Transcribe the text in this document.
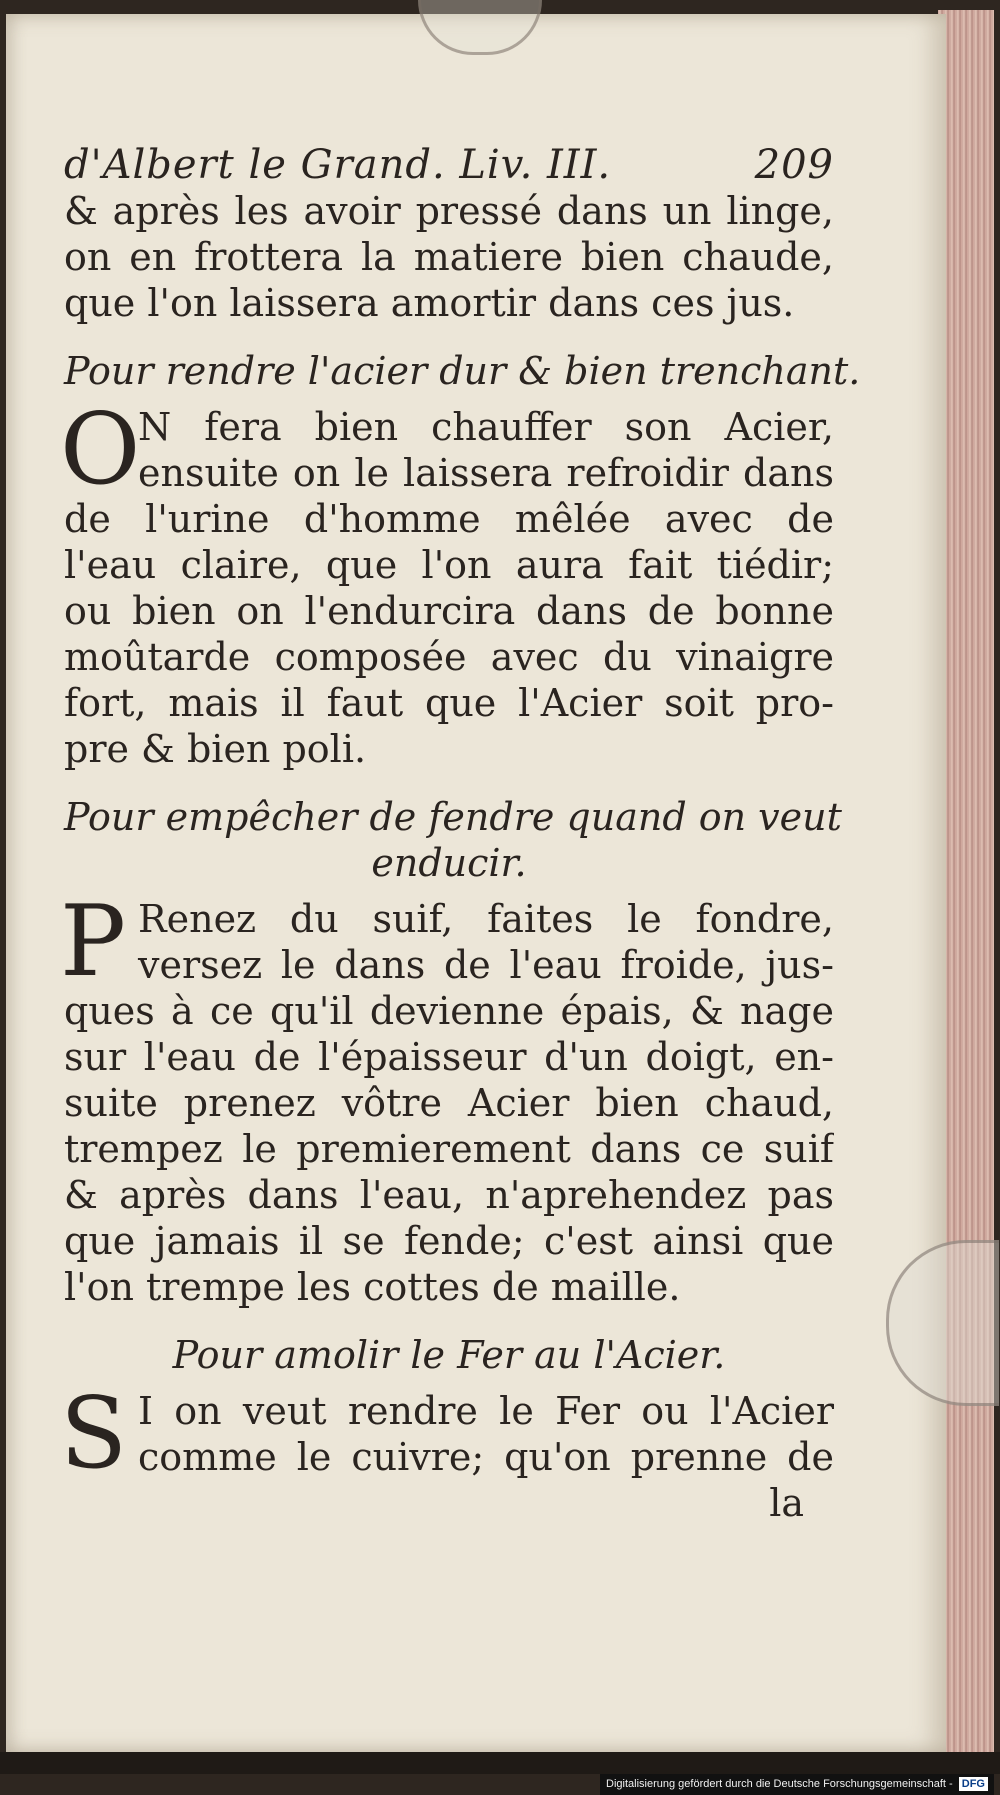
d'Albert le Grand. Liv. III.	209
& après les avoir pressé dans un linge,
on en frottera la matiere bien chaude,
que l'on laissera amortir dans ces jus.
Pour rendre l'acier dur & bien trenchant.
O
N fera bien chauffer son Acier,
ensuite on le laissera refroidir dans
de l'urine d'homme mêlée avec de
l'eau claire, que l'on aura fait tiédir;
ou bien on l'endurcira dans de bonne
moûtarde composée avec du vinaigre
fort, mais il faut que l'Acier soit pro-
pre & bien poli.
Pour empêcher de fendre quand on veut
enducir.
P Renez du suif, faites le fondre,
versez le dans de l'eau froide, jus-
ques à ce qu'il devienne épais, & nage
sur l'eau de l'épaisseur d'un doigt, en-
suite prenez vôtre Acier bien chaud,
trempez le premierement dans ce suif
& après dans l'eau, n'aprehendez pas
que jamais il se fende; c'est ainsi que
l'on trempe les cottes de maille.
Pour amolir le Fer au l'Acier.
S I on veut rendre le Fer ou l'Acier
comme le cuivre; qu'on prenne de
la
Digitalisierung gefördert durch die Deutsche Forschungsgemeinschaft - DFG
